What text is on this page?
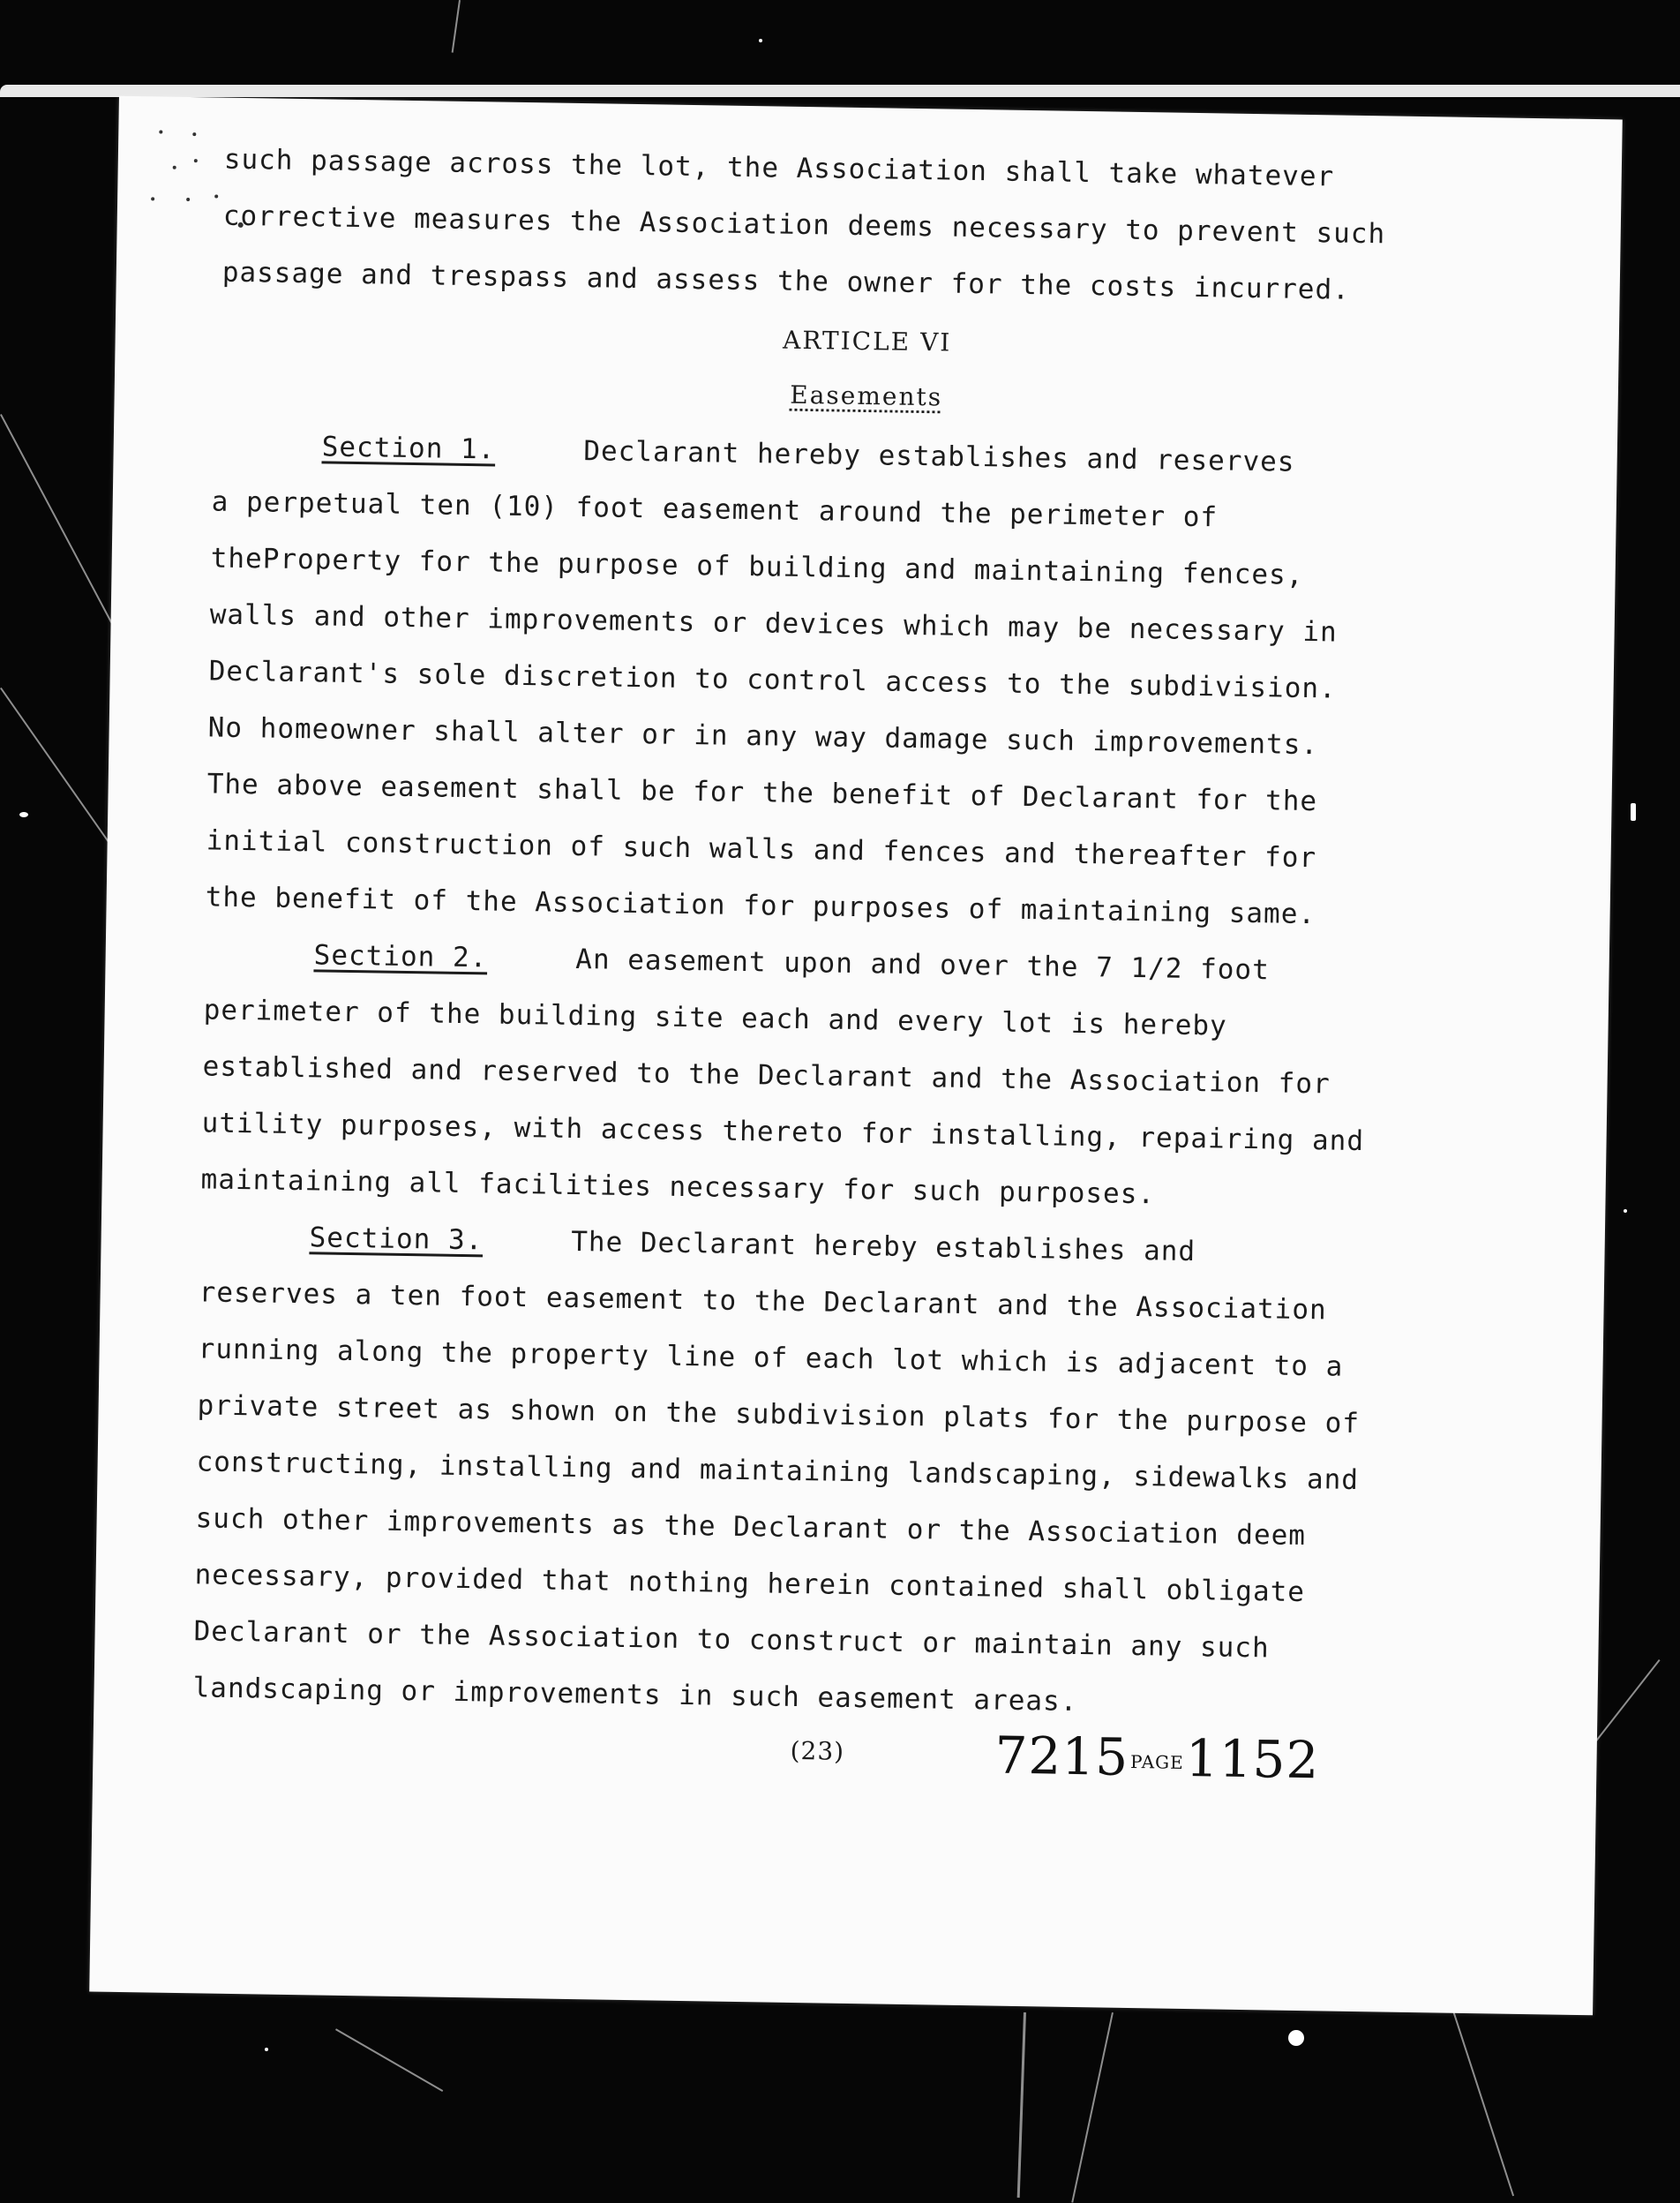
such passage across the lot, the Association shall take whatever
corrective measures the Association deems necessary to prevent such
passage and trespass and assess the owner for the costs incurred.
ARTICLE VI
Easements
Section 1.	Declarant hereby establishes and reserves
a perpetual ten (10) foot easement around the perimeter of
theProperty for the purpose of building and maintaining fences,
walls and other improvements or devices which may be necessary in
Declarant's sole discretion to control access to the subdivision.
No homeowner shall alter or in any way damage such improvements.
The above easement shall be for the benefit of Declarant for the
initial construction of such walls and fences and thereafter for
the benefit of the Association for purposes of maintaining same.
Section 2.	An easement upon and over the 7 1/2 foot
perimeter of the building site each and every lot is hereby
established and reserved to the Declarant and the Association for
utility purposes, with access thereto for installing, repairing and
maintaining all facilities necessary for such purposes.
Section 3.	The Declarant hereby establishes and
reserves a ten foot easement to the Declarant and the Association
running along the property line of each lot which is adjacent to a
private street as shown on the subdivision plats for the purpose of
constructing, installing and maintaining landscaping, sidewalks and
such other improvements as the Declarant or the Association deem
necessary, provided that nothing herein contained shall obligate
Declarant or the Association to construct or maintain any such
landscaping or improvements in such easement areas.
(23)	7215PAGE1152
